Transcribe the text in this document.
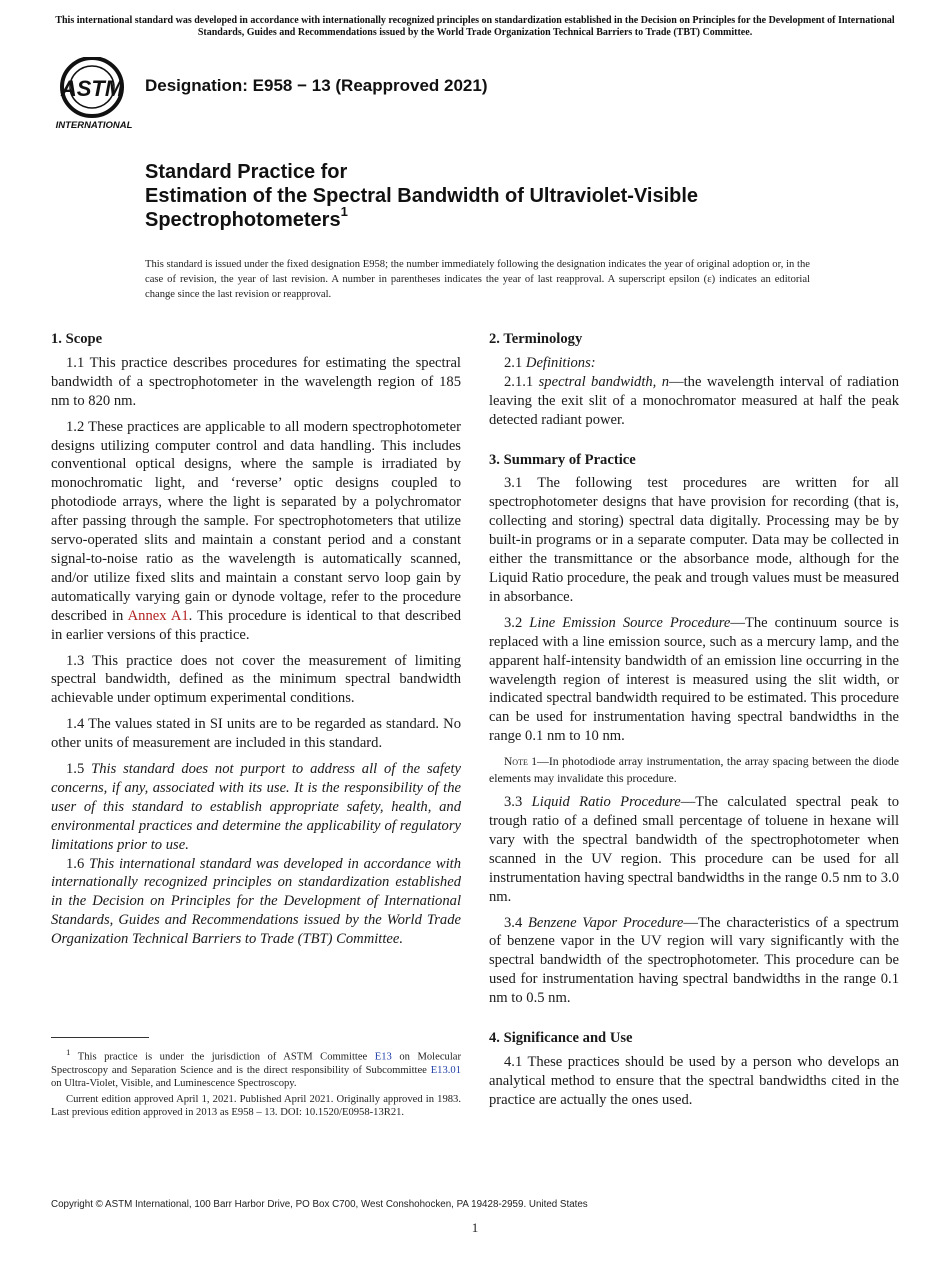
This international standard was developed in accordance with internationally recognized principles on standardization established in the Decision on Principles for the Development of International Standards, Guides and Recommendations issued by the World Trade Organization Technical Barriers to Trade (TBT) Committee.
ASTM
INTERNATIONAL
Designation: E958 − 13 (Reapproved 2021)
Standard Practice for
Estimation of the Spectral Bandwidth of Ultraviolet-Visible
Spectrophotometers$^1$
This standard is issued under the fixed designation E958; the number immediately following the designation indicates the year of original adoption or, in the case of revision, the year of last revision. A number in parentheses indicates the year of last reapproval. A superscript epsilon (ε) indicates an editorial change since the last revision or reapproval.
1. Scope

1.1 This practice describes procedures for estimating the spectral bandwidth of a spectrophotometer in the wavelength region of 185 nm to 820 nm.

1.2 These practices are applicable to all modern spectrophotometer designs utilizing computer control and data handling. This includes conventional optical designs, where the sample is irradiated by monochromatic light, and ‘reverse’ optic designs coupled to photodiode arrays, where the light is separated by a polychromator after passing through the sample. For spectrophotometers that utilize servo-operated slits and maintain a constant period and a constant signal-to-noise ratio as the wavelength is automatically scanned, and/or utilize fixed slits and maintain a constant servo loop gain by automatically varying gain or dynode voltage, refer to the procedure described in Annex A1. This procedure is identical to that described in earlier versions of this practice.

1.3 This practice does not cover the measurement of limiting spectral bandwidth, defined as the minimum spectral bandwidth achievable under optimum experimental conditions.

1.4 The values stated in SI units are to be regarded as standard. No other units of measurement are included in this standard.

1.5 This standard does not purport to address all of the safety concerns, if any, associated with its use. It is the responsibility of the user of this standard to establish appropriate safety, health, and environmental practices and determine the applicability of regulatory limitations prior to use.

1.6 This international standard was developed in accordance with internationally recognized principles on standardization established in the Decision on Principles for the Development of International Standards, Guides and Recommendations issued by the World Trade Organization Technical Barriers to Trade (TBT) Committee.

$^1$ This practice is under the jurisdiction of ASTM Committee E13 on Molecular Spectroscopy and Separation Science and is the direct responsibility of Subcommittee E13.01 on Ultra-Violet, Visible, and Luminescence Spectroscopy.

Current edition approved April 1, 2021. Published April 2021. Originally approved in 1983. Last previous edition approved in 2013 as E958 – 13. DOI: 10.1520/E0958-13R21.

2. Terminology

2.1 Definitions:

2.1.1 spectral bandwidth, n—the wavelength interval of radiation leaving the exit slit of a monochromator measured at half the peak detected radiant power.

3. Summary of Practice

3.1 The following test procedures are written for all spectrophotometer designs that have provision for recording (that is, collecting and storing) spectral data digitally. Processing may be by built-in programs or in a separate computer. Data may be collected in either the transmittance or the absorbance mode, although for the Liquid Ratio procedure, the peak and trough values must be measured in absorbance.

3.2 Line Emission Source Procedure—The continuum source is replaced with a line emission source, such as a mercury lamp, and the apparent half-intensity bandwidth of an emission line occurring in the wavelength region of interest is measured using the slit width, or indicated spectral bandwidth required to be estimated. This procedure can be used for instrumentation having spectral bandwidths in the range 0.1 nm to 10 nm.

Note 1—In photodiode array instrumentation, the array spacing between the diode elements may invalidate this procedure.

3.3 Liquid Ratio Procedure—The calculated spectral peak to trough ratio of a defined small percentage of toluene in hexane will vary with the spectral bandwidth of the spectrophotometer when scanned in the UV region. This procedure can be used for all instrumentation having spectral bandwidths in the range 0.5 nm to 3.0 nm.

3.4 Benzene Vapor Procedure—The characteristics of a spectrum of benzene vapor in the UV region will vary significantly with the spectral bandwidth of the spectrophotometer. This procedure can be used for instrumentation having spectral bandwidths in the range 0.1 nm to 0.5 nm.

4. Significance and Use

4.1 These practices should be used by a person who develops an analytical method to ensure that the spectral bandwidths cited in the practice are actually the ones used.

Copyright © ASTM International, 100 Barr Harbor Drive, PO Box C700, West Conshohocken, PA 19428-2959. United States
1
